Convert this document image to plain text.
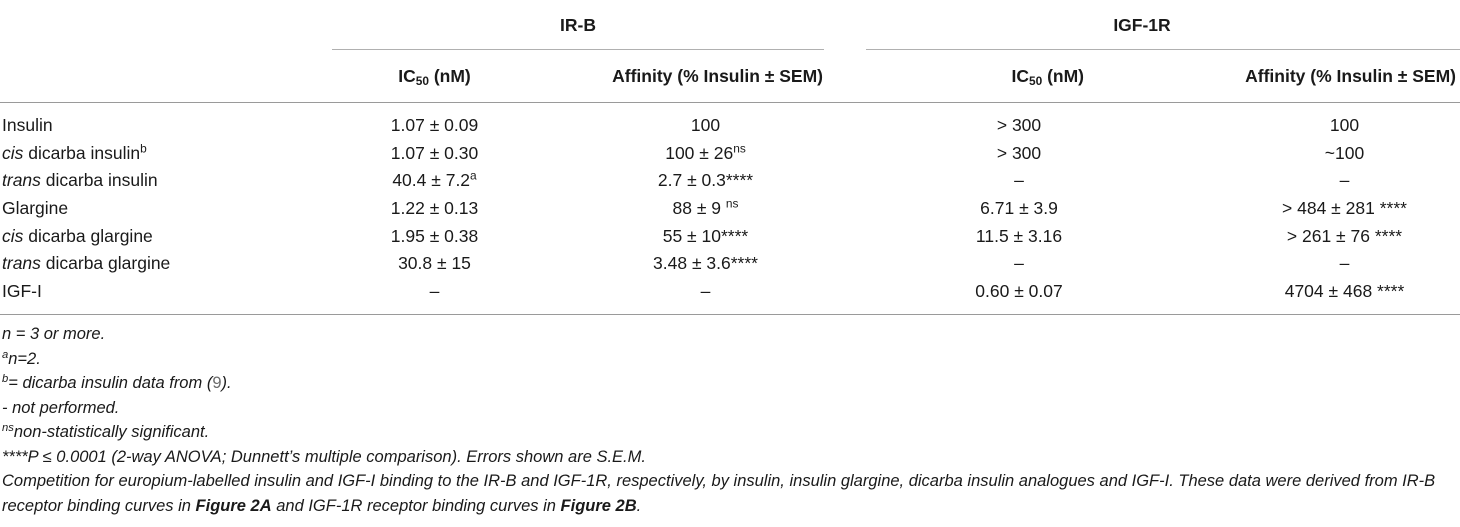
	IR-B		IGF-1R	

	$IC_{50}$ (nM)	Affinity (% Insulin ± SEM)	$IC_{50}$ (nM)	Affinity (% Insulin ± SEM)

Insulin	1.07 ± 0.09	100	> 300	100
cis dicarba insulin$^b$	1.07 ± 0.30	$100 \pm 26^{ns}$	> 300	~100
trans dicarba insulin	40.4 ± 7.2$^a$	2.7 ± 0.3****	–	–
Glargine	1.22 ± 0.13	88 ± 9 $^{ns}$	6.71 ± 3.9	> 484 ± 281 ****
cis dicarba glargine	1.95 ± 0.38	55 ± 10****	11.5 ± 3.16	> 261 ± 76 ****
trans dicarba glargine	30.8 ± 15	3.48 ± 3.6****	–	–
IGF-I	–	–	0.60 ± 0.07	4704 ± 468 ****

n = 3 or more.
$^a$n=2.
$^b$= dicarba insulin data from (9).
- not performed.
$^{ns}$non-statistically significant.
****P ≤ 0.0001 (2-way ANOVA; Dunnett’s multiple comparison). Errors shown are S.E.M.
Competition for europium-labelled insulin and IGF-I binding to the IR-B and IGF-1R, respectively, by insulin, insulin glargine, dicarba insulin analogues and IGF-I. These data were derived from IR-B receptor binding curves in Figure 2A and IGF-1R receptor binding curves in Figure 2B.
